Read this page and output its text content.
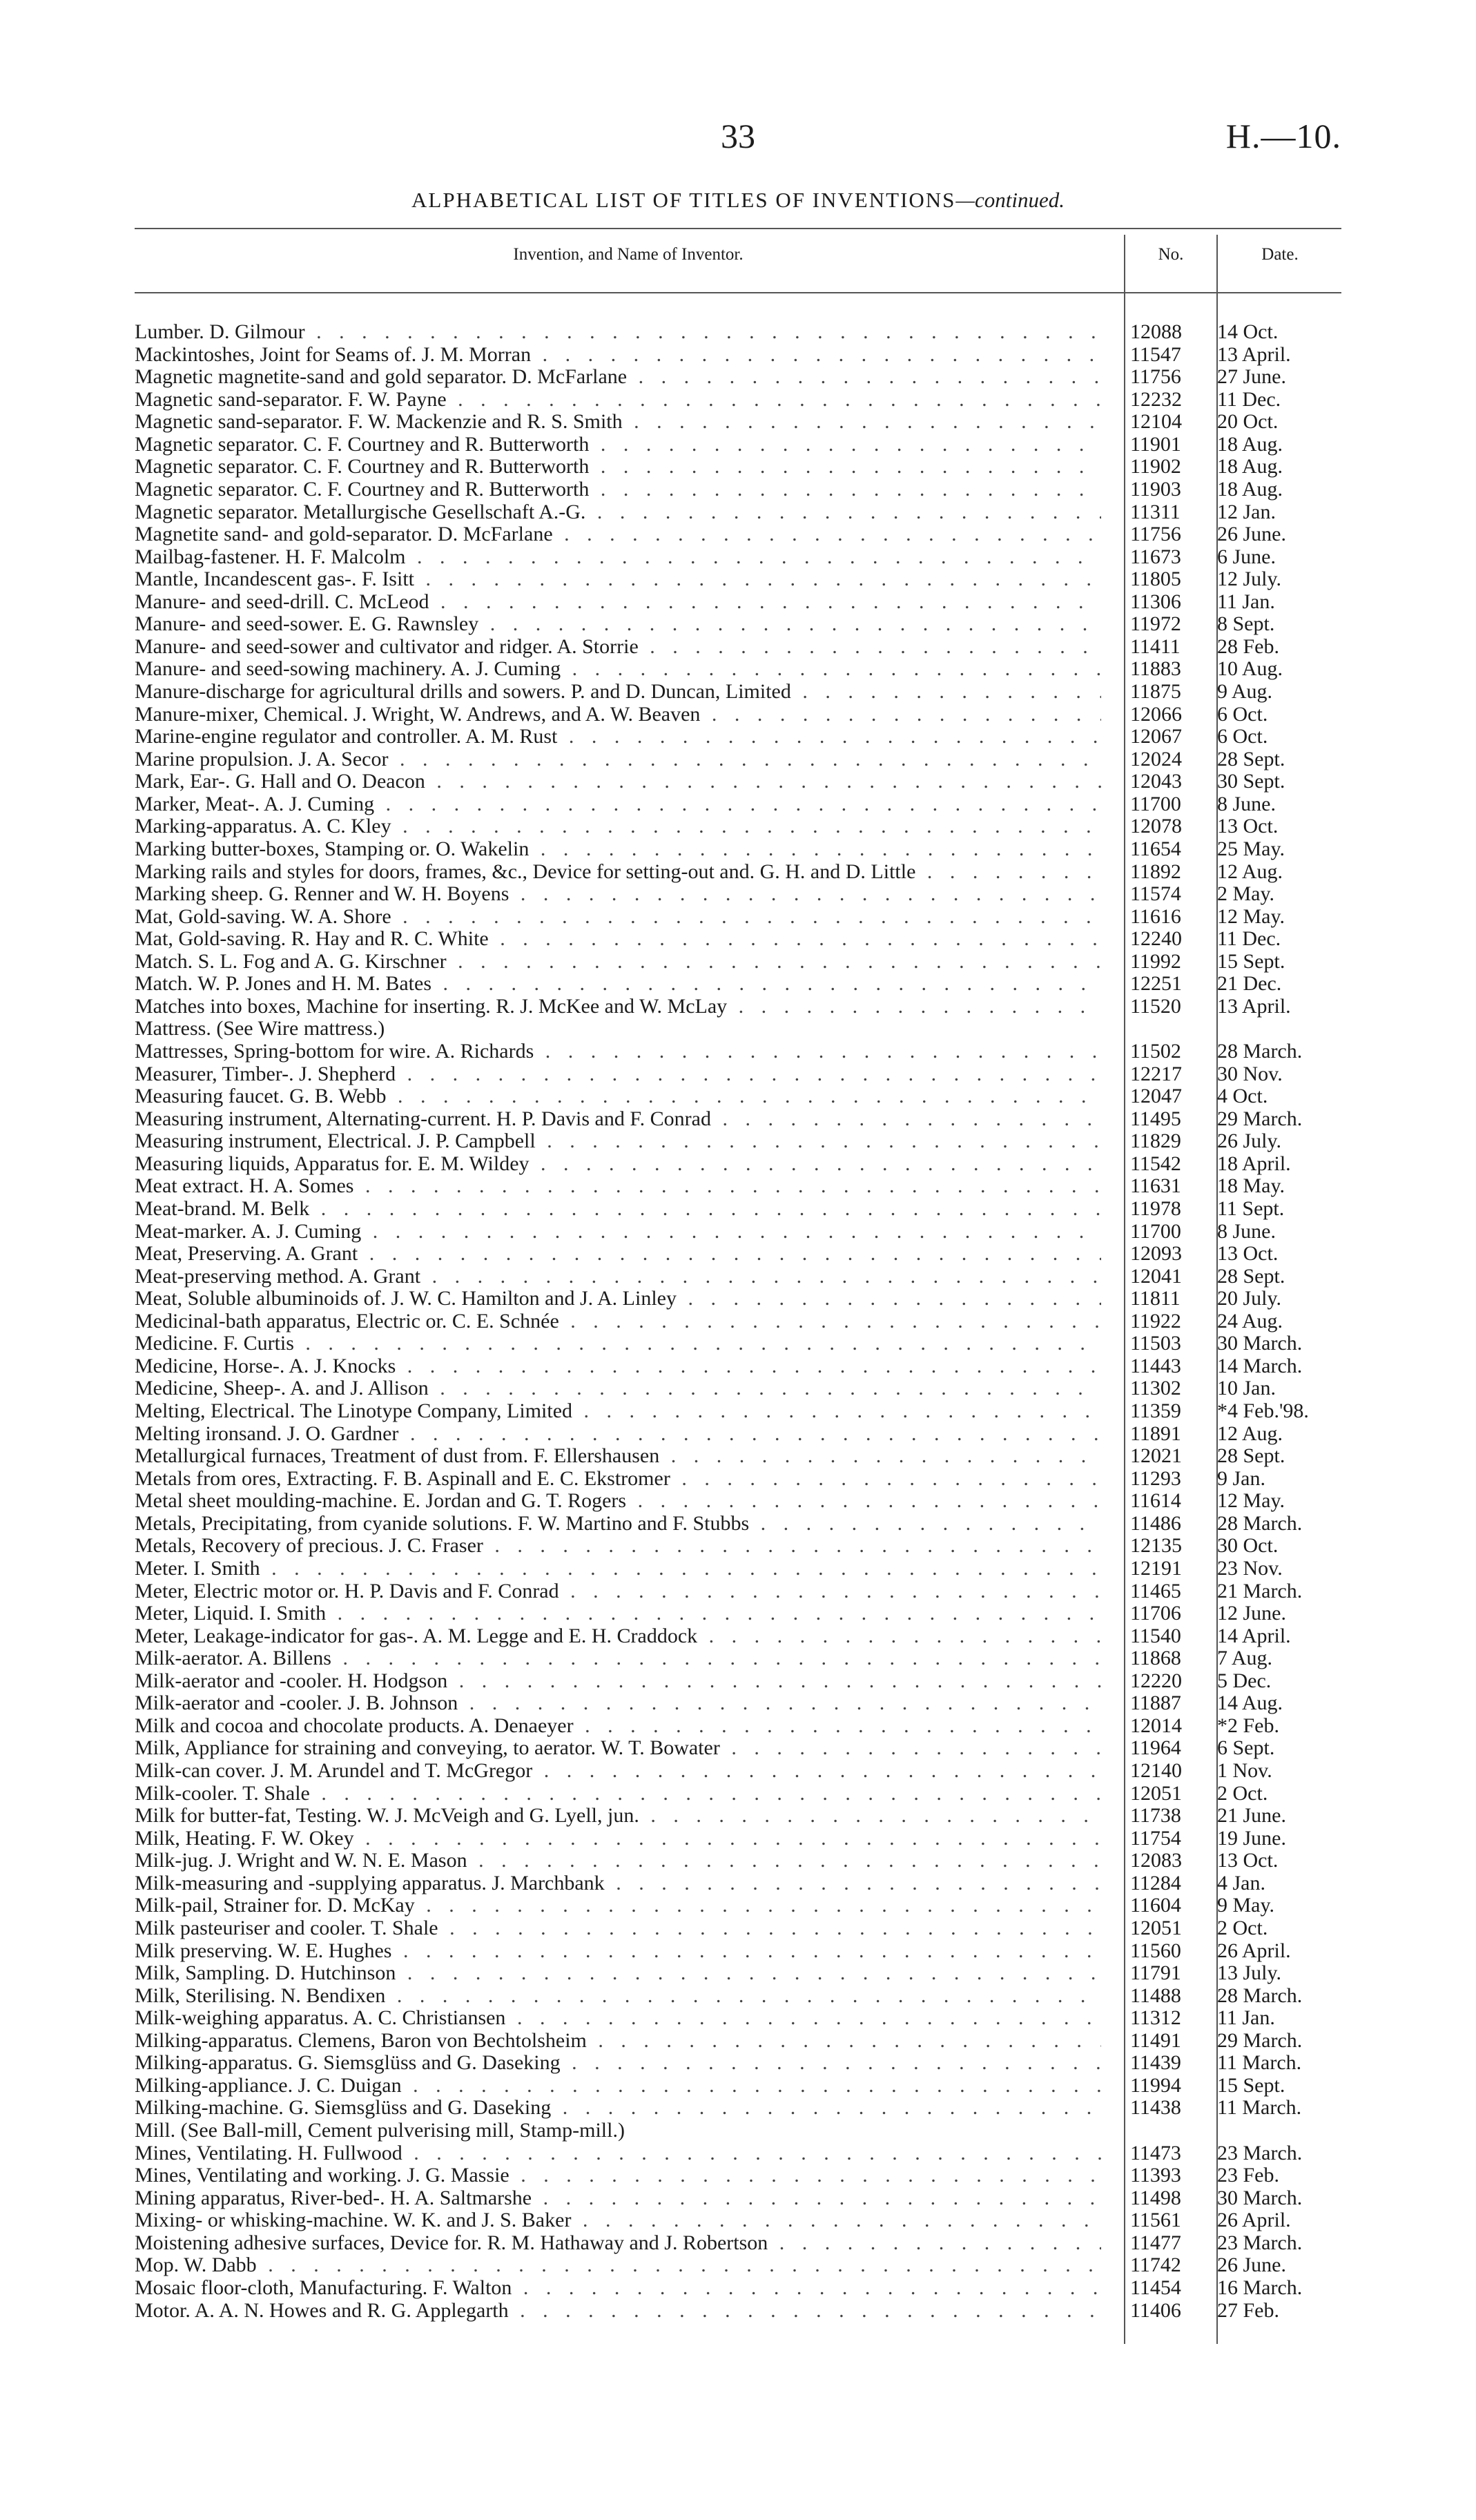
33	H.—10.
ALPHABETICAL LIST OF TITLES OF INVENTIONS—continued.
Invention, and Name of Inventor.	No.	Date.
Lumber. D. Gilmour . . .	12088	14 Oct.
Mackintoshes, Joint for Seams of. J. M. Morran . . .	11547	13 April.
Magnetic magnetite-sand and gold separator. D. McFarlane . . .	11756	27 June.
Magnetic sand-separator. F. W. Payne . . .	12232	11 Dec.
Magnetic sand-separator. F. W. Mackenzie and R. S. Smith . . .	12104	20 Oct.
Magnetic separator. C. F. Courtney and R. Butterworth . . .	11901	18 Aug.
Magnetic separator. C. F. Courtney and R. Butterworth . . .	11902	18 Aug.
Magnetic separator. C. F. Courtney and R. Butterworth . . .	11903	18 Aug.
Magnetic separator. Metallurgische Gesellschaft A.-G. . . .	11311	12 Jan.
Magnetite sand- and gold-separator. D. McFarlane . . .	11756	26 June.
Mailbag-fastener. H. F. Malcolm . . .	11673	6 June.
Mantle, Incandescent gas-. F. Isitt . . .	11805	12 July.
Manure- and seed-drill. C. McLeod . . .	11306	11 Jan.
Manure- and seed-sower. E. G. Rawnsley . . .	11972	8 Sept.
Manure- and seed-sower and cultivator and ridger. A. Storrie . . .	11411	28 Feb.
Manure- and seed-sowing machinery. A. J. Cuming . . .	11883	10 Aug.
Manure-discharge for agricultural drills and sowers. P. and D. Duncan, Limited . . .	11875	9 Aug.
Manure-mixer, Chemical. J. Wright, W. Andrews, and A. W. Beaven . . .	12066	6 Oct.
Marine-engine regulator and controller. A. M. Rust . . .	12067	6 Oct.
Marine propulsion. J. A. Secor . . .	12024	28 Sept.
Mark, Ear-. G. Hall and O. Deacon . . .	12043	30 Sept.
Marker, Meat-. A. J. Cuming . . .	11700	8 June.
Marking-apparatus. A. C. Kley . . .	12078	13 Oct.
Marking butter-boxes, Stamping or. O. Wakelin . . .	11654	25 May.
Marking rails and styles for doors, frames, &c., Device for setting-out and. G. H. and D. Little . . .	11892	12 Aug.
Marking sheep. G. Renner and W. H. Boyens . . .	11574	2 May.
Mat, Gold-saving. W. A. Shore . . .	11616	12 May.
Mat, Gold-saving. R. Hay and R. C. White . . .	12240	11 Dec.
Match. S. L. Fog and A. G. Kirschner . . .	11992	15 Sept.
Match. W. P. Jones and H. M. Bates . . .	12251	21 Dec.
Matches into boxes, Machine for inserting. R. J. McKee and W. McLay . . .	11520	13 April.
Mattress. (See Wire mattress.)
Mattresses, Spring-bottom for wire. A. Richards . . .	11502	28 March.
Measurer, Timber-. J. Shepherd . . .	12217	30 Nov.
Measuring faucet. G. B. Webb . . .	12047	4 Oct.
Measuring instrument, Alternating-current. H. P. Davis and F. Conrad . . .	11495	29 March.
Measuring instrument, Electrical. J. P. Campbell . . .	11829	26 July.
Measuring liquids, Apparatus for. E. M. Wildey . . .	11542	18 April.
Meat extract. H. A. Somes . . .	11631	18 May.
Meat-brand. M. Belk . . .	11978	11 Sept.
Meat-marker. A. J. Cuming . . .	11700	8 June.
Meat, Preserving. A. Grant . . .	12093	13 Oct.
Meat-preserving method. A. Grant . . .	12041	28 Sept.
Meat, Soluble albuminoids of. J. W. C. Hamilton and J. A. Linley . . .	11811	20 July.
Medicinal-bath apparatus, Electric or. C. E. Schnée . . .	11922	24 Aug.
Medicine. F. Curtis . . .	11503	30 March.
Medicine, Horse-. A. J. Knocks . . .	11443	14 March.
Medicine, Sheep-. A. and J. Allison . . .	11302	10 Jan.
Melting, Electrical. The Linotype Company, Limited . . .	11359	*4 Feb.'98.
Melting ironsand. J. O. Gardner . . .	11891	12 Aug.
Metallurgical furnaces, Treatment of dust from. F. Ellershausen . . .	12021	28 Sept.
Metals from ores, Extracting. F. B. Aspinall and E. C. Ekstromer . . .	11293	9 Jan.
Metal sheet moulding-machine. E. Jordan and G. T. Rogers . . .	11614	12 May.
Metals, Precipitating, from cyanide solutions. F. W. Martino and F. Stubbs . . .	11486	28 March.
Metals, Recovery of precious. J. C. Fraser . . .	12135	30 Oct.
Meter. I. Smith . . .	12191	23 Nov.
Meter, Electric motor or. H. P. Davis and F. Conrad . . .	11465	21 March.
Meter, Liquid. I. Smith . . .	11706	12 June.
Meter, Leakage-indicator for gas-. A. M. Legge and E. H. Craddock . . .	11540	14 April.
Milk-aerator. A. Billens . . .	11868	7 Aug.
Milk-aerator and -cooler. H. Hodgson . . .	12220	5 Dec.
Milk-aerator and -cooler. J. B. Johnson . . .	11887	14 Aug.
Milk and cocoa and chocolate products. A. Denaeyer . . .	12014	*2 Feb.
Milk, Appliance for straining and conveying, to aerator. W. T. Bowater . . .	11964	6 Sept.
Milk-can cover. J. M. Arundel and T. McGregor . . .	12140	1 Nov.
Milk-cooler. T. Shale . . .	12051	2 Oct.
Milk for butter-fat, Testing. W. J. McVeigh and G. Lyell, jun. . . .	11738	21 June.
Milk, Heating. F. W. Okey . . .	11754	19 June.
Milk-jug. J. Wright and W. N. E. Mason . . .	12083	13 Oct.
Milk-measuring and -supplying apparatus. J. Marchbank . . .	11284	4 Jan.
Milk-pail, Strainer for. D. McKay . . .	11604	9 May.
Milk pasteuriser and cooler. T. Shale . . .	12051	2 Oct.
Milk preserving. W. E. Hughes . . .	11560	26 April.
Milk, Sampling. D. Hutchinson . . .	11791	13 July.
Milk, Sterilising. N. Bendixen . . .	11488	28 March.
Milk-weighing apparatus. A. C. Christiansen . . .	11312	11 Jan.
Milking-apparatus. Clemens, Baron von Bechtolsheim . . .	11491	29 March.
Milking-apparatus. G. Siemsglüss and G. Daseking . . .	11439	11 March.
Milking-appliance. J. C. Duigan . . .	11994	15 Sept.
Milking-machine. G. Siemsglüss and G. Daseking . . .	11438	11 March.
Mill. (See Ball-mill, Cement pulverising mill, Stamp-mill.)
Mines, Ventilating. H. Fullwood . . .	11473	23 March.
Mines, Ventilating and working. J. G. Massie . . .	11393	23 Feb.
Mining apparatus, River-bed-. H. A. Saltmarshe . . .	11498	30 March.
Mixing- or whisking-machine. W. K. and J. S. Baker . . .	11561	26 April.
Moistening adhesive surfaces, Device for. R. M. Hathaway and J. Robertson . . .	11477	23 March.
Mop. W. Dabb . . .	11742	26 June.
Mosaic floor-cloth, Manufacturing. F. Walton . . .	11454	16 March.
Motor. A. A. N. Howes and R. G. Applegarth . . .	11406	27 Feb.
